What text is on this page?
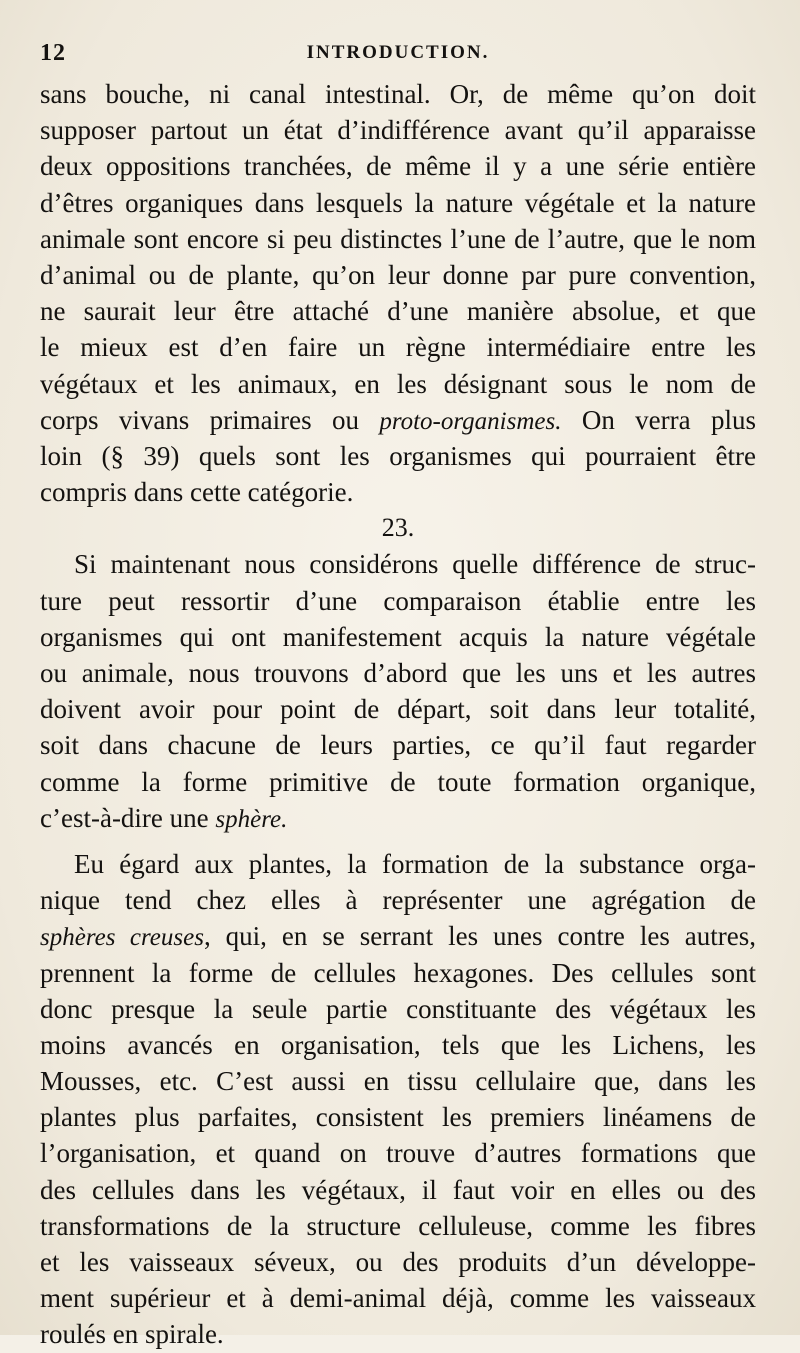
12	INTRODUCTION.
sans bouche, ni canal intestinal. Or, de même qu’on doit
supposer partout un état d’indifférence avant qu’il apparaisse
deux oppositions tranchées, de même il y a une série entière
d’êtres organiques dans lesquels la nature végétale et la nature
animale sont encore si peu distinctes l’une de l’autre, que le nom
d’animal ou de plante, qu’on leur donne par pure convention,
ne saurait leur être attaché d’une manière absolue, et que
le mieux est d’en faire un règne intermédiaire entre les
végétaux et les animaux, en les désignant sous le nom de
corps vivans primaires ou proto-organismes. On verra plus
loin (§ 39) quels sont les organismes qui pourraient être
compris dans cette catégorie.
23.
Si maintenant nous considérons quelle différence de struc-
ture peut ressortir d’une comparaison établie entre les
organismes qui ont manifestement acquis la nature végétale
ou animale, nous trouvons d’abord que les uns et les autres
doivent avoir pour point de départ, soit dans leur totalité,
soit dans chacune de leurs parties, ce qu’il faut regarder
comme la forme primitive de toute formation organique,
c’est-à-dire une sphère.
Eu égard aux plantes, la formation de la substance orga-
nique tend chez elles à représenter une agrégation de
sphères creuses, qui, en se serrant les unes contre les autres,
prennent la forme de cellules hexagones. Des cellules sont
donc presque la seule partie constituante des végétaux les
moins avancés en organisation, tels que les Lichens, les
Mousses, etc. C’est aussi en tissu cellulaire que, dans les
plantes plus parfaites, consistent les premiers linéamens de
l’organisation, et quand on trouve d’autres formations que
des cellules dans les végétaux, il faut voir en elles ou des
transformations de la structure celluleuse, comme les fibres
et les vaisseaux séveux, ou des produits d’un développe-
ment supérieur et à demi-animal déjà, comme les vaisseaux
roulés en spirale.
